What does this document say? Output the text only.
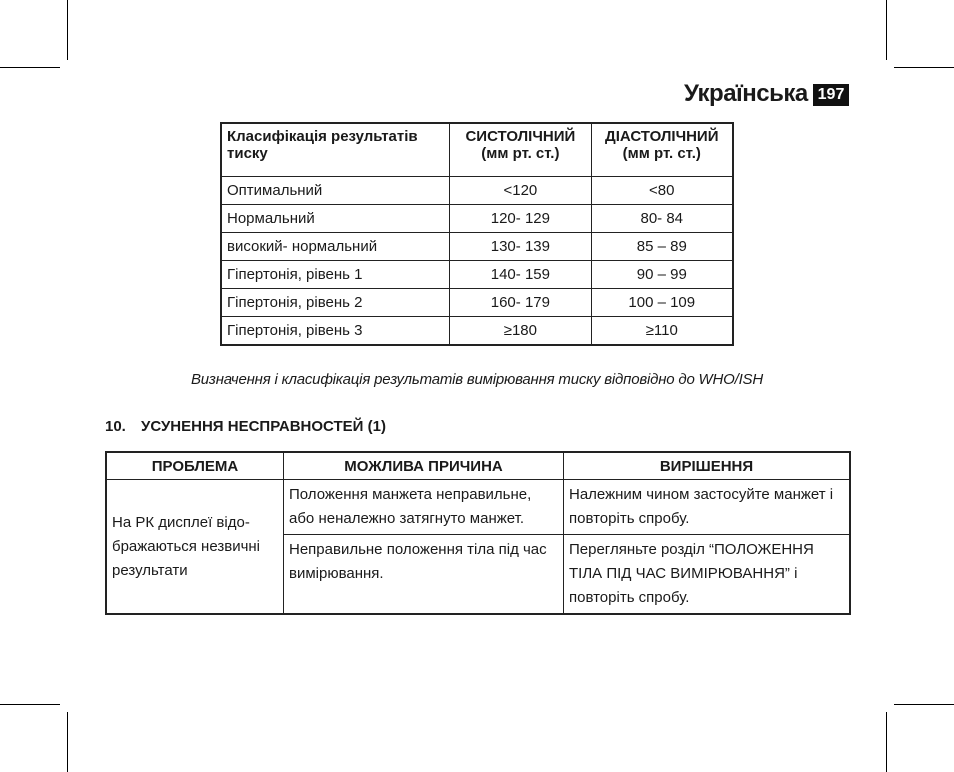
Українська 197
Класифікація результатів тиску	СИСТОЛІЧНИЙ (мм рт. ст.)	ДІАСТОЛІЧНИЙ (мм рт. ст.)
Оптимальний	<120	<80
Нормальний	120- 129	80- 84
високий- нормальний	130- 139	85 – 89
Гіпертонія, рівень 1	140- 159	90 – 99
Гіпертонія, рівень 2	160- 179	100 – 109
Гіпертонія, рівень 3	≥180	≥110
Визначення і класифікація результатів вимірювання тиску відповідно до WHO/ISH
10. УСУНЕННЯ НЕСПРАВНОСТЕЙ (1)
ПРОБЛЕМА	МОЖЛИВА ПРИЧИНА	ВИРІШЕННЯ
На РК дисплеї відо- бражаються незвичні результати	Положення манжета неправильне, або неналежно затягнуто манжет.	Належним чином застосуйте манжет і повторіть спробу.
	Неправильне положення тіла під час вимірювання.	Перегляньте розділ “ПОЛОЖЕННЯ ТІЛА ПІД ЧАС ВИМІРЮВАННЯ” і повторіть спробу.
